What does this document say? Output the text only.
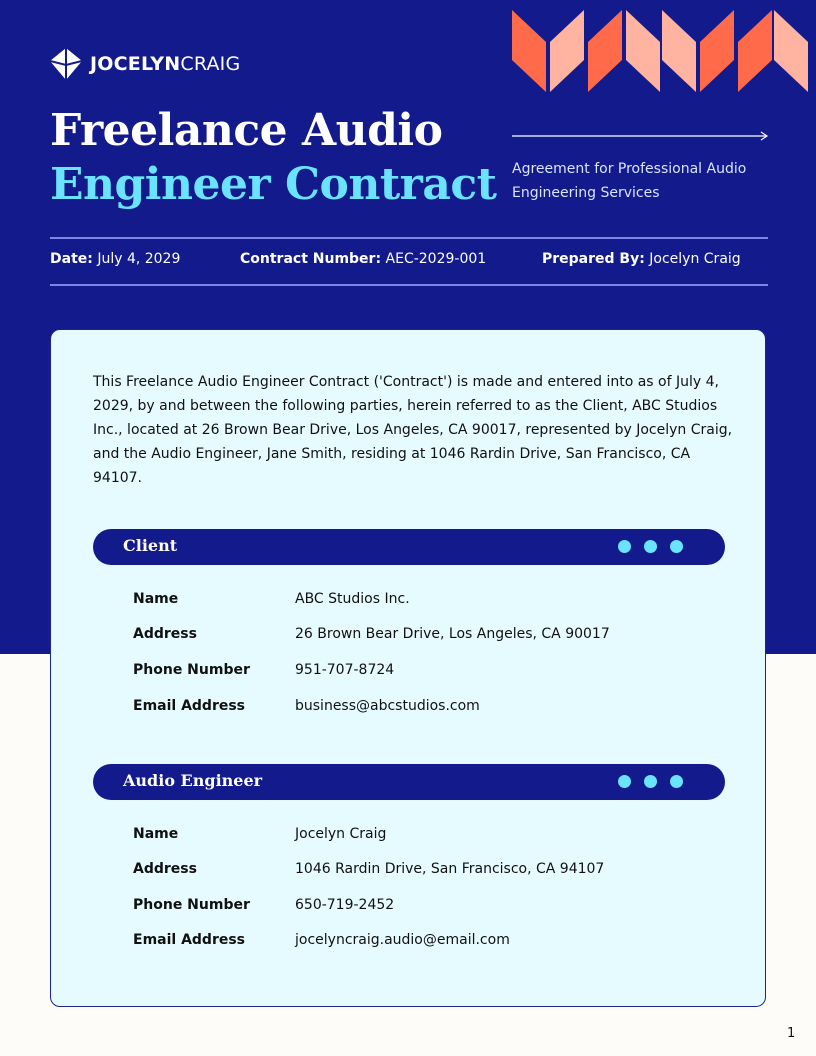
JOCELYNCRAIG
Freelance Audio
Engineer Contract Agreement for Professional Audio Engineering Services
Date: July 4, 2029	Contract Number: AEC-2029-001	Prepared By: Jocelyn Craig

This Freelance Audio Engineer Contract ('Contract') is made and entered into as of July 4, 2029, by and between the following parties, herein referred to as the Client, ABC Studios Inc., located at 26 Brown Bear Drive, Los Angeles, CA 90017, represented by Jocelyn Craig, and the Audio Engineer, Jane Smith, residing at 1046 Rardin Drive, San Francisco, CA 94107.

Client
Name	ABC Studios Inc.
Address	26 Brown Bear Drive, Los Angeles, CA 90017
Phone Number	951-707-8724
Email Address	business@abcstudios.com
Audio Engineer
Name	Jocelyn Craig
Address	1046 Rardin Drive, San Francisco, CA 94107
Phone Number	650-719-2452
Email Address	jocelyncraig.audio@email.com
1
